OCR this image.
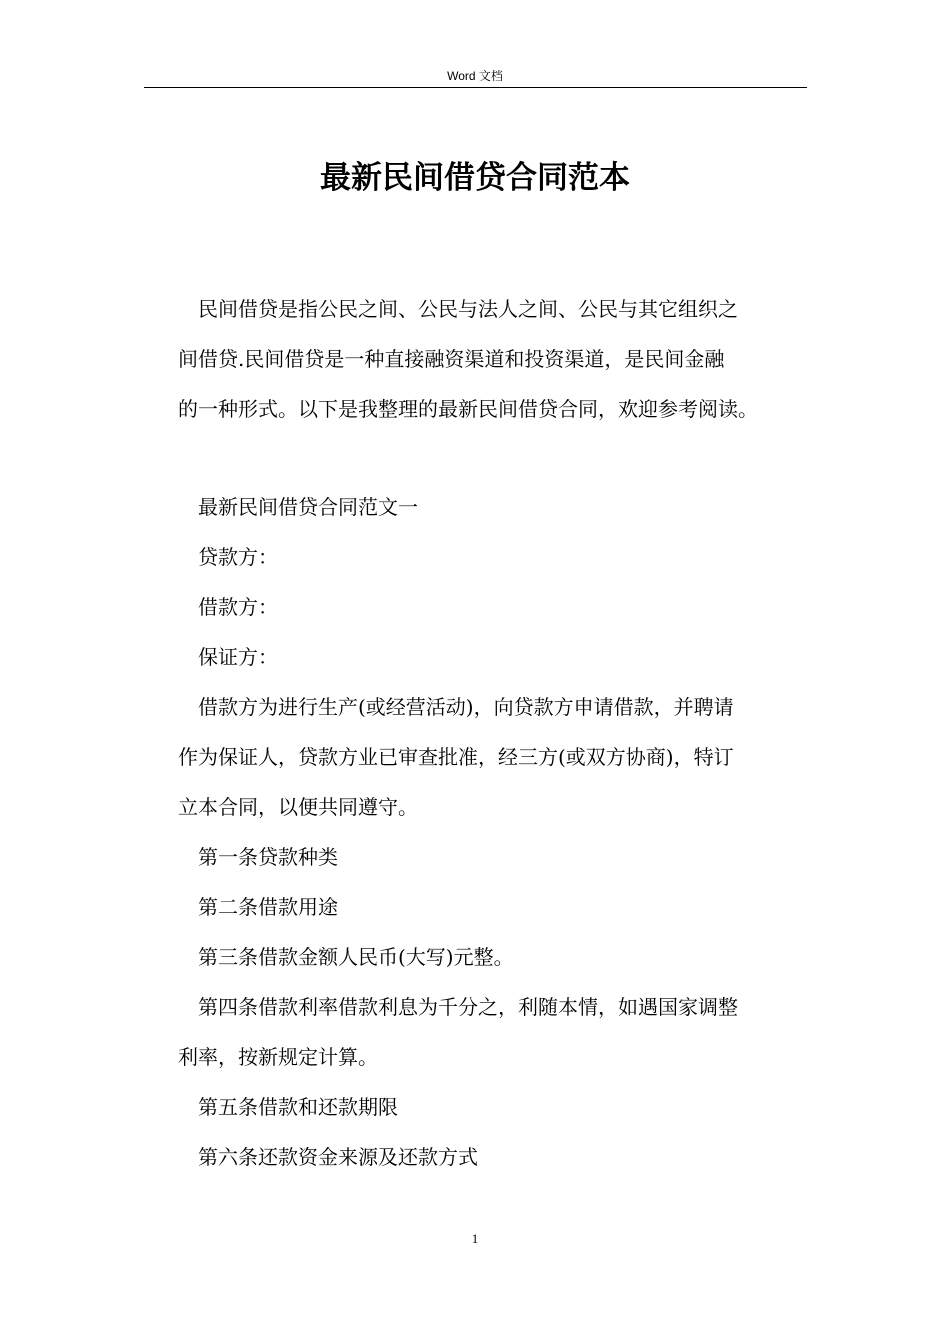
Word 文档
最新民间借贷合同范本
民间借贷是指公民之间、公民与法人之间、公民与其它组织之
间借贷.民间借贷是一种直接融资渠道和投资渠道，是民间金融
的一种形式。以下是我整理的最新民间借贷合同，欢迎参考阅读。
最新民间借贷合同范文一
贷款方：
借款方：
保证方：
借款方为进行生产(或经营活动)，向贷款方申请借款，并聘请
作为保证人，贷款方业已审查批准，经三方(或双方协商)，特订
立本合同，以便共同遵守。
第一条贷款种类
第二条借款用途
第三条借款金额人民币(大写)元整。
第四条借款利率借款利息为千分之，利随本情，如遇国家调整
利率，按新规定计算。
第五条借款和还款期限
第六条还款资金来源及还款方式
1
